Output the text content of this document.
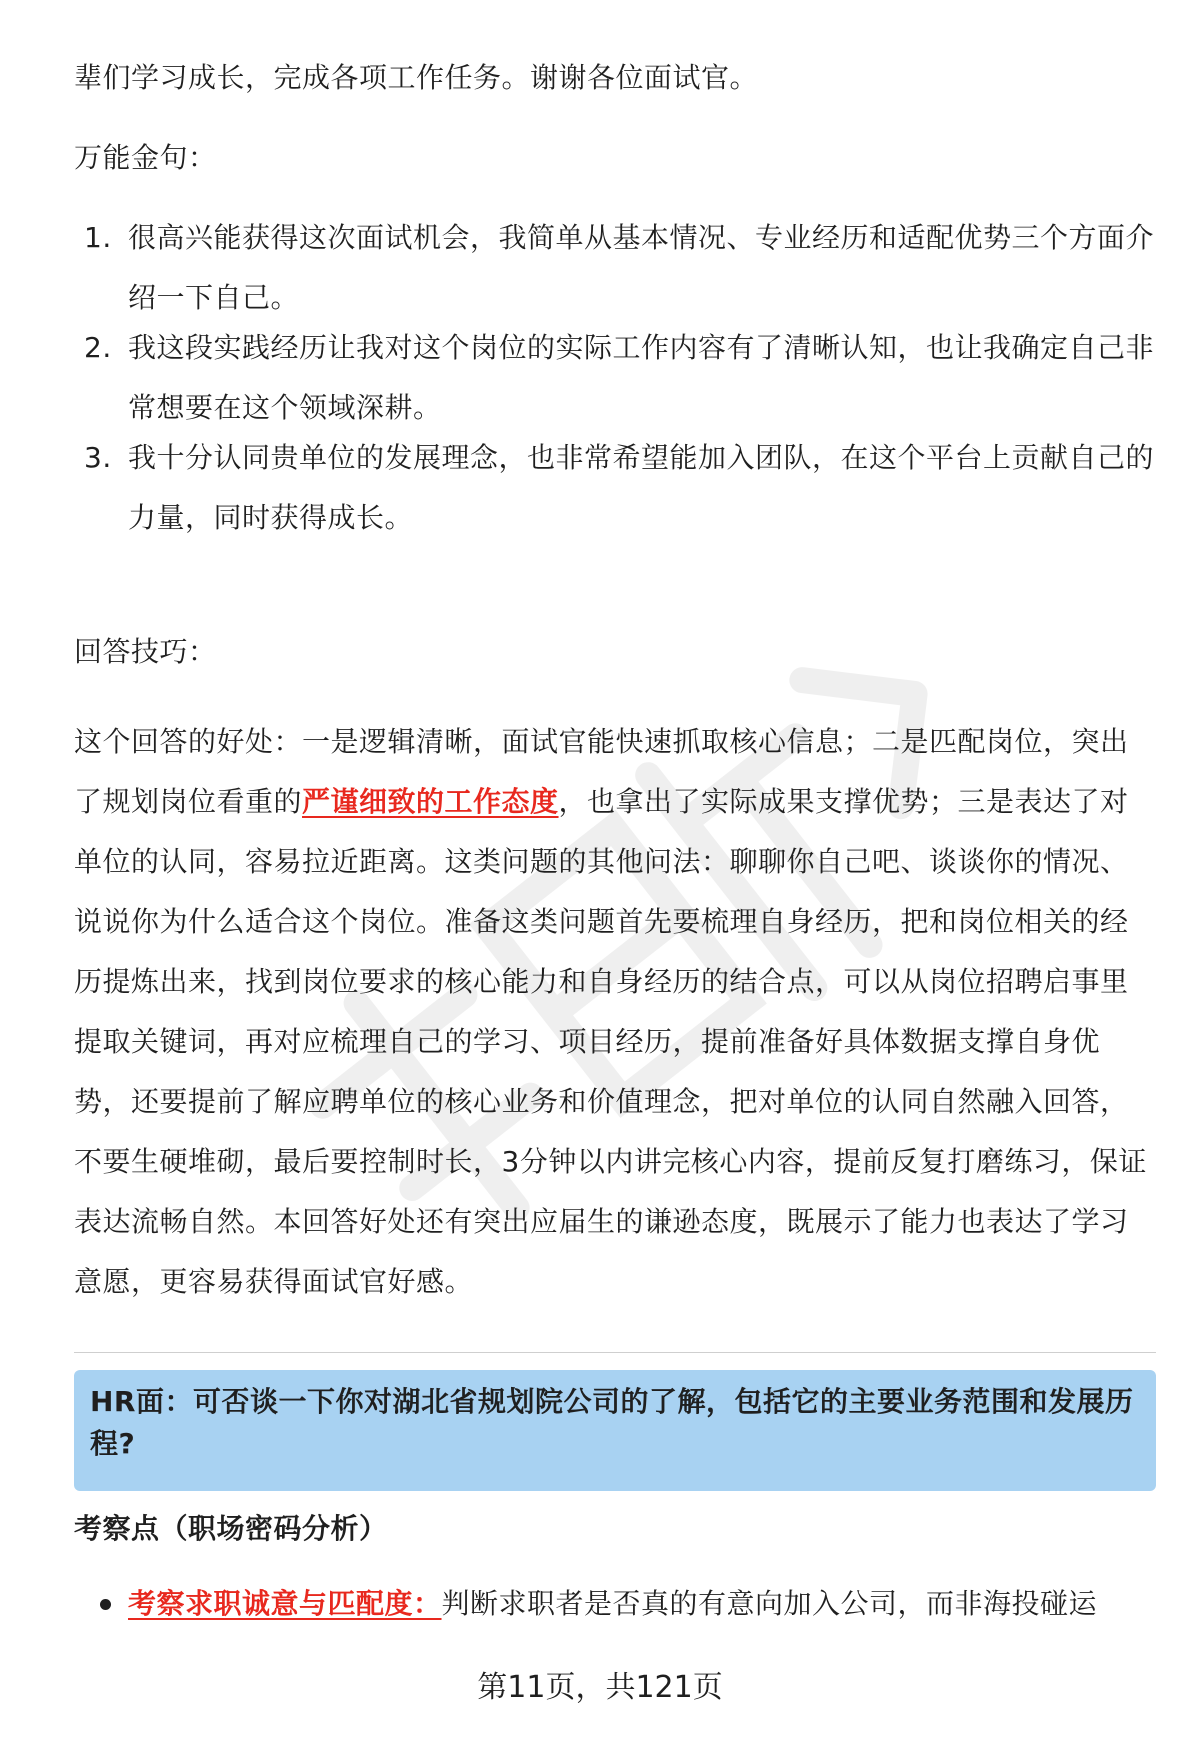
辈们学习成长，完成各项工作任务。谢谢各位面试官。

万能金句：

1. 很高兴能获得这次面试机会，我简单从基本情况、专业经历和适配优势三个方面介绍一下自己。
2. 我这段实践经历让我对这个岗位的实际工作内容有了清晰认知，也让我确定自己非常想要在这个领域深耕。
3. 我十分认同贵单位的发展理念，也非常希望能加入团队，在这个平台上贡献自己的力量，同时获得成长。

回答技巧：

这个回答的好处：一是逻辑清晰，面试官能快速抓取核心信息；二是匹配岗位，突出了规划岗位看重的严谨细致的工作态度，也拿出了实际成果支撑优势；三是表达了对单位的认同，容易拉近距离。这类问题的其他问法：聊聊你自己吧、谈谈你的情况、说说你为什么适合这个岗位。准备这类问题首先要梳理自身经历，把和岗位相关的经历提炼出来，找到岗位要求的核心能力和自身经历的结合点，可以从岗位招聘启事里提取关键词，再对应梳理自己的学习、项目经历，提前准备好具体数据支撑自身优势，还要提前了解应聘单位的核心业务和价值理念，把对单位的认同自然融入回答，不要生硬堆砌，最后要控制时长，3分钟以内讲完核心内容，提前反复打磨练习，保证表达流畅自然。本回答好处还有突出应届生的谦逊态度，既展示了能力也表达了学习意愿，更容易获得面试官好感。

HR面：可否谈一下你对湖北省规划院公司的了解，包括它的主要业务范围和发展历程?
考察点（职场密码分析）
考察求职诚意与匹配度：判断求职者是否真的有意向加入公司，而非海投碰运
第11页，共121页
